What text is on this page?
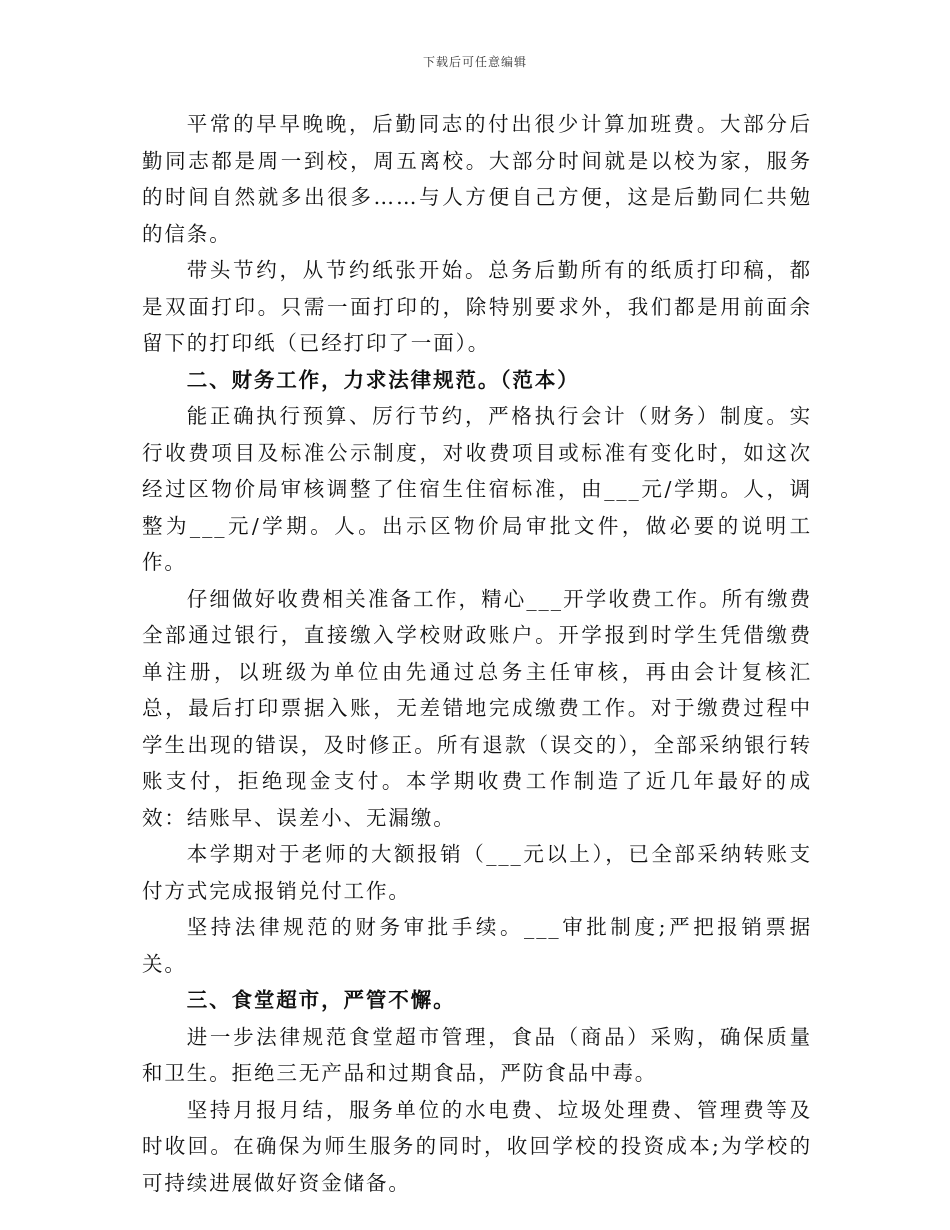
下载后可任意编辑

平常的早早晚晚，后勤同志的付出很少计算加班费。大部分后勤同志都是周一到校，周五离校。大部分时间就是以校为家，服务的时间自然就多出很多……与人方便自己方便，这是后勤同仁共勉的信条。

带头节约，从节约纸张开始。总务后勤所有的纸质打印稿，都是双面打印。只需一面打印的，除特别要求外，我们都是用前面余留下的打印纸（已经打印了一面）。

二、财务工作，力求法律规范。（范本）

能正确执行预算、厉行节约，严格执行会计（财务）制度。实行收费项目及标准公示制度，对收费项目或标准有变化时，如这次经过区物价局审核调整了住宿生住宿标准，由___元/学期。人，调整为___元/学期。人。出示区物价局审批文件，做必要的说明工作。

仔细做好收费相关准备工作，精心___开学收费工作。所有缴费全部通过银行，直接缴入学校财政账户。开学报到时学生凭借缴费单注册，以班级为单位由先通过总务主任审核，再由会计复核汇总，最后打印票据入账，无差错地完成缴费工作。对于缴费过程中学生出现的错误，及时修正。所有退款（误交的），全部采纳银行转账支付，拒绝现金支付。本学期收费工作制造了近几年最好的成效：结账早、误差小、无漏缴。

本学期对于老师的大额报销（___元以上），已全部采纳转账支付方式完成报销兑付工作。

坚持法律规范的财务审批手续。___审批制度;严把报销票据关。

三、食堂超市，严管不懈。

进一步法律规范食堂超市管理，食品（商品）采购，确保质量和卫生。拒绝三无产品和过期食品，严防食品中毒。

坚持月报月结，服务单位的水电费、垃圾处理费、管理费等及时收回。在确保为师生服务的同时，收回学校的投资成本;为学校的可持续进展做好资金储备。
